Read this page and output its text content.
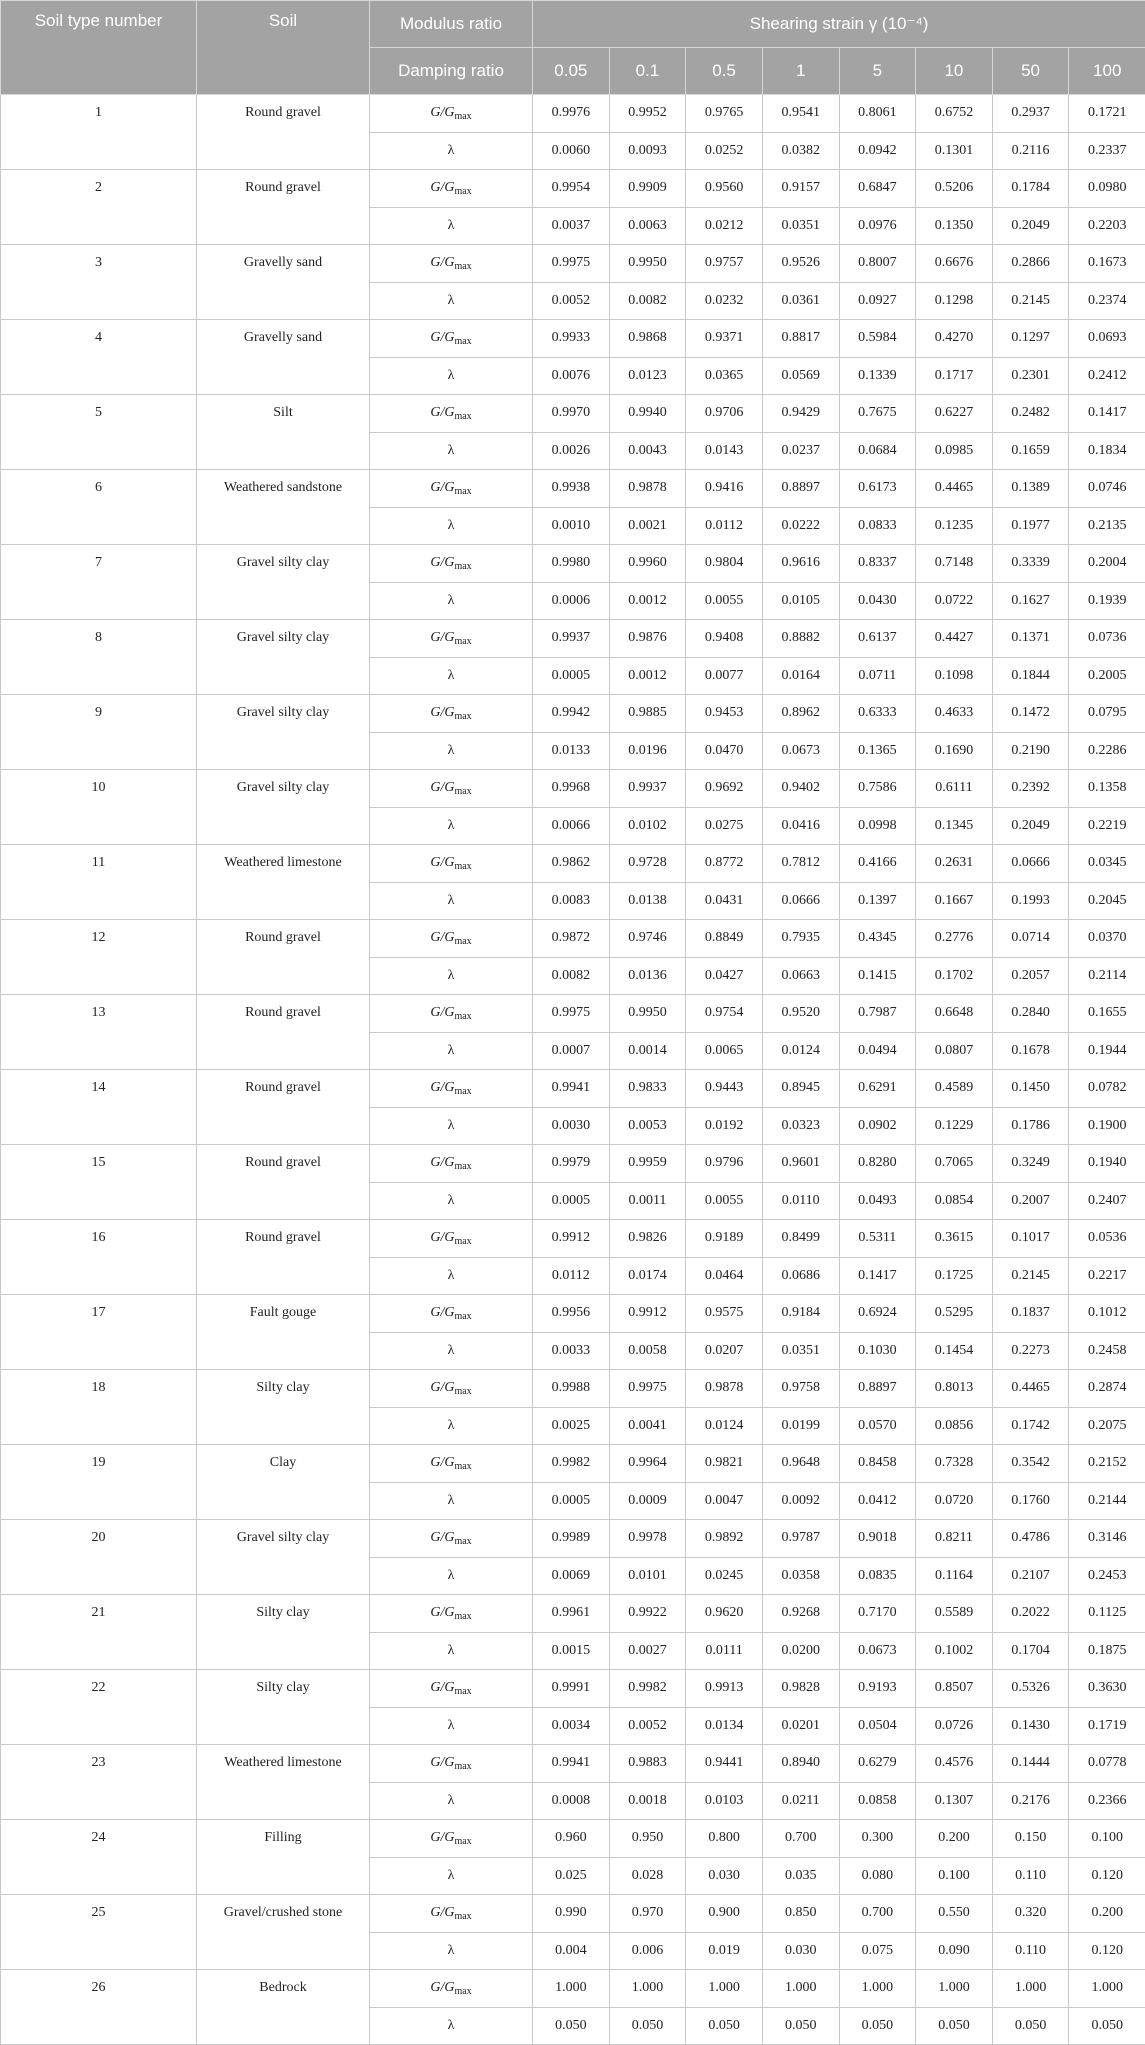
Soil type number	Soil	Modulus ratio	Shearing strain γ (10⁻⁴)							
		Damping ratio	0.05	0.1	0.5	1	5	10	50	100
1	Round gravel	$G/G_{max}$	0.9976	0.9952	0.9765	0.9541	0.8061	0.6752	0.2937	0.1721
		λ	0.0060	0.0093	0.0252	0.0382	0.0942	0.1301	0.2116	0.2337
2	Round gravel	$G/G_{max}$	0.9954	0.9909	0.9560	0.9157	0.6847	0.5206	0.1784	0.0980
		λ	0.0037	0.0063	0.0212	0.0351	0.0976	0.1350	0.2049	0.2203
3	Gravelly sand	$G/G_{max}$	0.9975	0.9950	0.9757	0.9526	0.8007	0.6676	0.2866	0.1673
		λ	0.0052	0.0082	0.0232	0.0361	0.0927	0.1298	0.2145	0.2374
4	Gravelly sand	$G/G_{max}$	0.9933	0.9868	0.9371	0.8817	0.5984	0.4270	0.1297	0.0693
		λ	0.0076	0.0123	0.0365	0.0569	0.1339	0.1717	0.2301	0.2412
5	Silt	$G/G_{max}$	0.9970	0.9940	0.9706	0.9429	0.7675	0.6227	0.2482	0.1417
		λ	0.0026	0.0043	0.0143	0.0237	0.0684	0.0985	0.1659	0.1834
6	Weathered sandstone	$G/G_{max}$	0.9938	0.9878	0.9416	0.8897	0.6173	0.4465	0.1389	0.0746
		λ	0.0010	0.0021	0.0112	0.0222	0.0833	0.1235	0.1977	0.2135
7	Gravel silty clay	$G/G_{max}$	0.9980	0.9960	0.9804	0.9616	0.8337	0.7148	0.3339	0.2004
		λ	0.0006	0.0012	0.0055	0.0105	0.0430	0.0722	0.1627	0.1939
8	Gravel silty clay	$G/G_{max}$	0.9937	0.9876	0.9408	0.8882	0.6137	0.4427	0.1371	0.0736
		λ	0.0005	0.0012	0.0077	0.0164	0.0711	0.1098	0.1844	0.2005
9	Gravel silty clay	$G/G_{max}$	0.9942	0.9885	0.9453	0.8962	0.6333	0.4633	0.1472	0.0795
		λ	0.0133	0.0196	0.0470	0.0673	0.1365	0.1690	0.2190	0.2286
10	Gravel silty clay	$G/G_{max}$	0.9968	0.9937	0.9692	0.9402	0.7586	0.6111	0.2392	0.1358
		λ	0.0066	0.0102	0.0275	0.0416	0.0998	0.1345	0.2049	0.2219
11	Weathered limestone	$G/G_{max}$	0.9862	0.9728	0.8772	0.7812	0.4166	0.2631	0.0666	0.0345
		λ	0.0083	0.0138	0.0431	0.0666	0.1397	0.1667	0.1993	0.2045
12	Round gravel	$G/G_{max}$	0.9872	0.9746	0.8849	0.7935	0.4345	0.2776	0.0714	0.0370
		λ	0.0082	0.0136	0.0427	0.0663	0.1415	0.1702	0.2057	0.2114
13	Round gravel	$G/G_{max}$	0.9975	0.9950	0.9754	0.9520	0.7987	0.6648	0.2840	0.1655
		λ	0.0007	0.0014	0.0065	0.0124	0.0494	0.0807	0.1678	0.1944
14	Round gravel	$G/G_{max}$	0.9941	0.9833	0.9443	0.8945	0.6291	0.4589	0.1450	0.0782
		λ	0.0030	0.0053	0.0192	0.0323	0.0902	0.1229	0.1786	0.1900
15	Round gravel	$G/G_{max}$	0.9979	0.9959	0.9796	0.9601	0.8280	0.7065	0.3249	0.1940
		λ	0.0005	0.0011	0.0055	0.0110	0.0493	0.0854	0.2007	0.2407
16	Round gravel	$G/G_{max}$	0.9912	0.9826	0.9189	0.8499	0.5311	0.3615	0.1017	0.0536
		λ	0.0112	0.0174	0.0464	0.0686	0.1417	0.1725	0.2145	0.2217
17	Fault gouge	$G/G_{max}$	0.9956	0.9912	0.9575	0.9184	0.6924	0.5295	0.1837	0.1012
		λ	0.0033	0.0058	0.0207	0.0351	0.1030	0.1454	0.2273	0.2458
18	Silty clay	$G/G_{max}$	0.9988	0.9975	0.9878	0.9758	0.8897	0.8013	0.4465	0.2874
		λ	0.0025	0.0041	0.0124	0.0199	0.0570	0.0856	0.1742	0.2075
19	Clay	$G/G_{max}$	0.9982	0.9964	0.9821	0.9648	0.8458	0.7328	0.3542	0.2152
		λ	0.0005	0.0009	0.0047	0.0092	0.0412	0.0720	0.1760	0.2144
20	Gravel silty clay	$G/G_{max}$	0.9989	0.9978	0.9892	0.9787	0.9018	0.8211	0.4786	0.3146
		λ	0.0069	0.0101	0.0245	0.0358	0.0835	0.1164	0.2107	0.2453
21	Silty clay	$G/G_{max}$	0.9961	0.9922	0.9620	0.9268	0.7170	0.5589	0.2022	0.1125
		λ	0.0015	0.0027	0.0111	0.0200	0.0673	0.1002	0.1704	0.1875
22	Silty clay	$G/G_{max}$	0.9991	0.9982	0.9913	0.9828	0.9193	0.8507	0.5326	0.3630
		λ	0.0034	0.0052	0.0134	0.0201	0.0504	0.0726	0.1430	0.1719
23	Weathered limestone	$G/G_{max}$	0.9941	0.9883	0.9441	0.8940	0.6279	0.4576	0.1444	0.0778
		λ	0.0008	0.0018	0.0103	0.0211	0.0858	0.1307	0.2176	0.2366
24	Filling	$G/G_{max}$	0.960	0.950	0.800	0.700	0.300	0.200	0.150	0.100
		λ	0.025	0.028	0.030	0.035	0.080	0.100	0.110	0.120
25	Gravel/crushed stone	$G/G_{max}$	0.990	0.970	0.900	0.850	0.700	0.550	0.320	0.200
		λ	0.004	0.006	0.019	0.030	0.075	0.090	0.110	0.120
26	Bedrock	$G/G_{max}$	1.000	1.000	1.000	1.000	1.000	1.000	1.000	1.000
		λ	0.050	0.050	0.050	0.050	0.050	0.050	0.050	0.050
